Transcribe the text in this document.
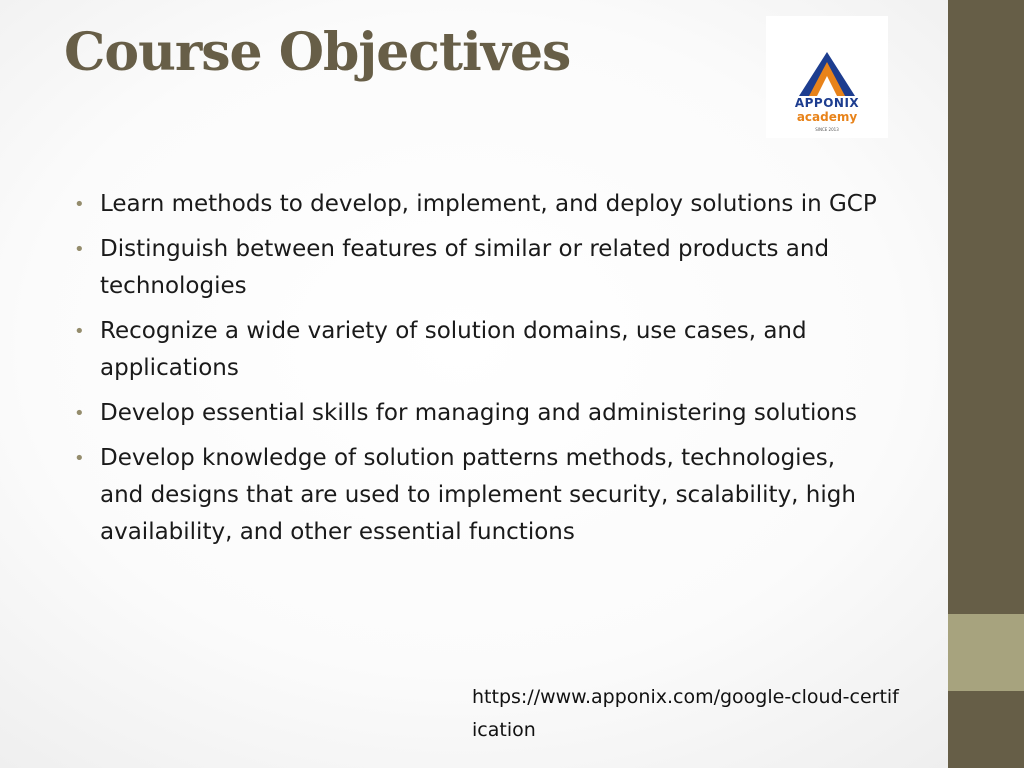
Course Objectives
APPONIX
academy
SINCE 2013
• Learn methods to develop, implement, and deploy solutions in GCP
• Distinguish between features of similar or related products and technologies
• Recognize a wide variety of solution domains, use cases, and applications
• Develop essential skills for managing and administering solutions
• Develop knowledge of solution patterns methods, technologies, and designs that are used to implement security, scalability, high availability, and other essential functions
https://www.apponix.com/google-cloud-certification
